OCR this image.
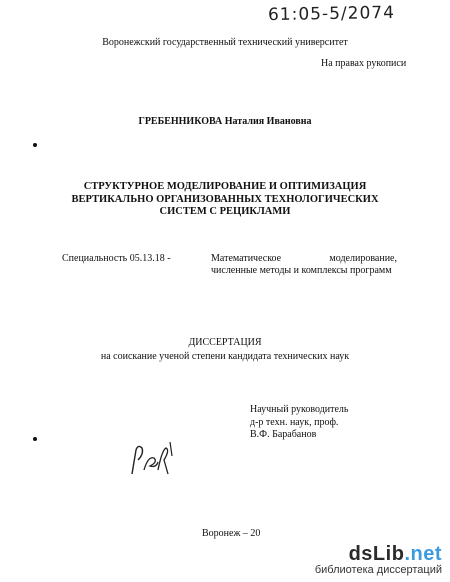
61:05-5/2074
Воронежский государственный технический университет
На правах рукописи
ГРЕБЕННИКОВА Наталия Ивановна
СТРУКТУРНОЕ МОДЕЛИРОВАНИЕ И ОПТИМИЗАЦИЯ
ВЕРТИКАЛЬНО ОРГАНИЗОВАННЫХ ТЕХНОЛОГИЧЕСКИХ
СИСТЕМ С РЕЦИКЛАМИ
Специальность 05.13.18 -	Математическое моделирование, численные методы и комплексы программ
ДИССЕРТАЦИЯ
на соискание ученой степени кандидата технических наук
Научный руководитель
д-р техн. наук, проф.
В.Ф. Барабанов
Воронеж – 20
dsLib.net
библиотека диссертаций
